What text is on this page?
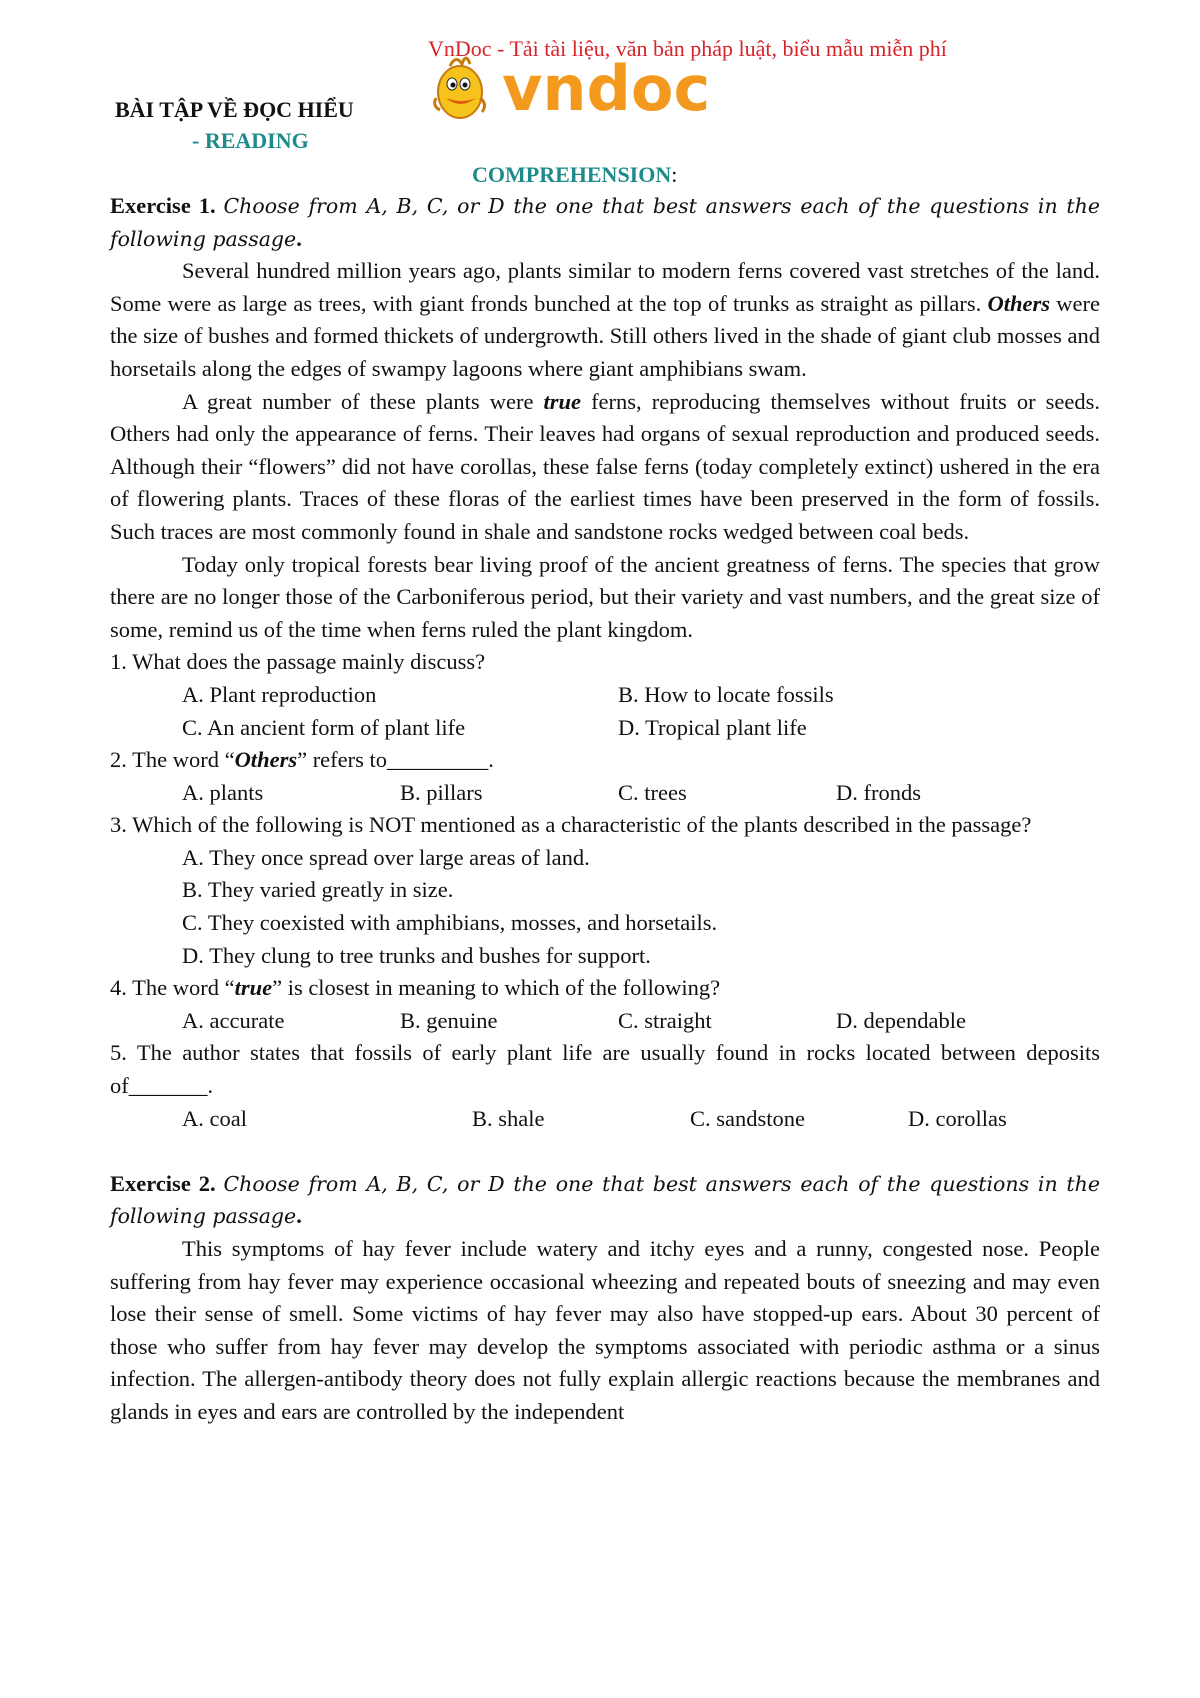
VnDoc - Tải tài liệu, văn bản pháp luật, biểu mẫu miễn phí
vndoc
BÀI TẬP VỀ ĐỌC HIỂU
- READING
COMPREHENSION:

Exercise 1. Choose from A, B, C, or D the one that best answers each of the questions in the following passage.

Several hundred million years ago, plants similar to modern ferns covered vast stretches of the land. Some were as large as trees, with giant fronds bunched at the top of trunks as straight as pillars. Others were the size of bushes and formed thickets of undergrowth. Still others lived in the shade of giant club mosses and horsetails along the edges of swampy lagoons where giant amphibians swam.

A great number of these plants were true ferns, reproducing themselves without fruits or seeds. Others had only the appearance of ferns. Their leaves had organs of sexual reproduction and produced seeds. Although their “flowers” did not have corollas, these false ferns (today completely extinct) ushered in the era of flowering plants. Traces of these floras of the earliest times have been preserved in the form of fossils. Such traces are most commonly found in shale and sandstone rocks wedged between coal beds.

Today only tropical forests bear living proof of the ancient greatness of ferns. The species that grow there are no longer those of the Carboniferous period, but their variety and vast numbers, and the great size of some, remind us of the time when ferns ruled the plant kingdom.

1. What does the passage mainly discuss?

A. Plant reproduction	B. How to locate fossils
C. An ancient form of plant life	D. Tropical plant life

2. The word “Others” refers to_________.

A. plants	B. pillars	C. trees	D. fronds

3. Which of the following is NOT mentioned as a characteristic of the plants described in the passage?

A. They once spread over large areas of land.

B. They varied greatly in size.

C. They coexisted with amphibians, mosses, and horsetails.

D. They clung to tree trunks and bushes for support.

4. The word “true” is closest in meaning to which of the following?

A. accurate	B. genuine	C. straight	D. dependable

5. The author states that fossils of early plant life are usually found in rocks located between deposits of_______.

A. coal	B. shale	C. sandstone	D. corollas

Exercise 2. Choose from A, B, C, or D the one that best answers each of the questions in the following passage.

This symptoms of hay fever include watery and itchy eyes and a runny, congested nose. People suffering from hay fever may experience occasional wheezing and repeated bouts of sneezing and may even lose their sense of smell. Some victims of hay fever may also have stopped-up ears. About 30 percent of those who suffer from hay fever may develop the symptoms associated with periodic asthma or a sinus infection. The allergen-antibody theory does not fully explain allergic reactions because the membranes and glands in eyes and ears are controlled by the independent
